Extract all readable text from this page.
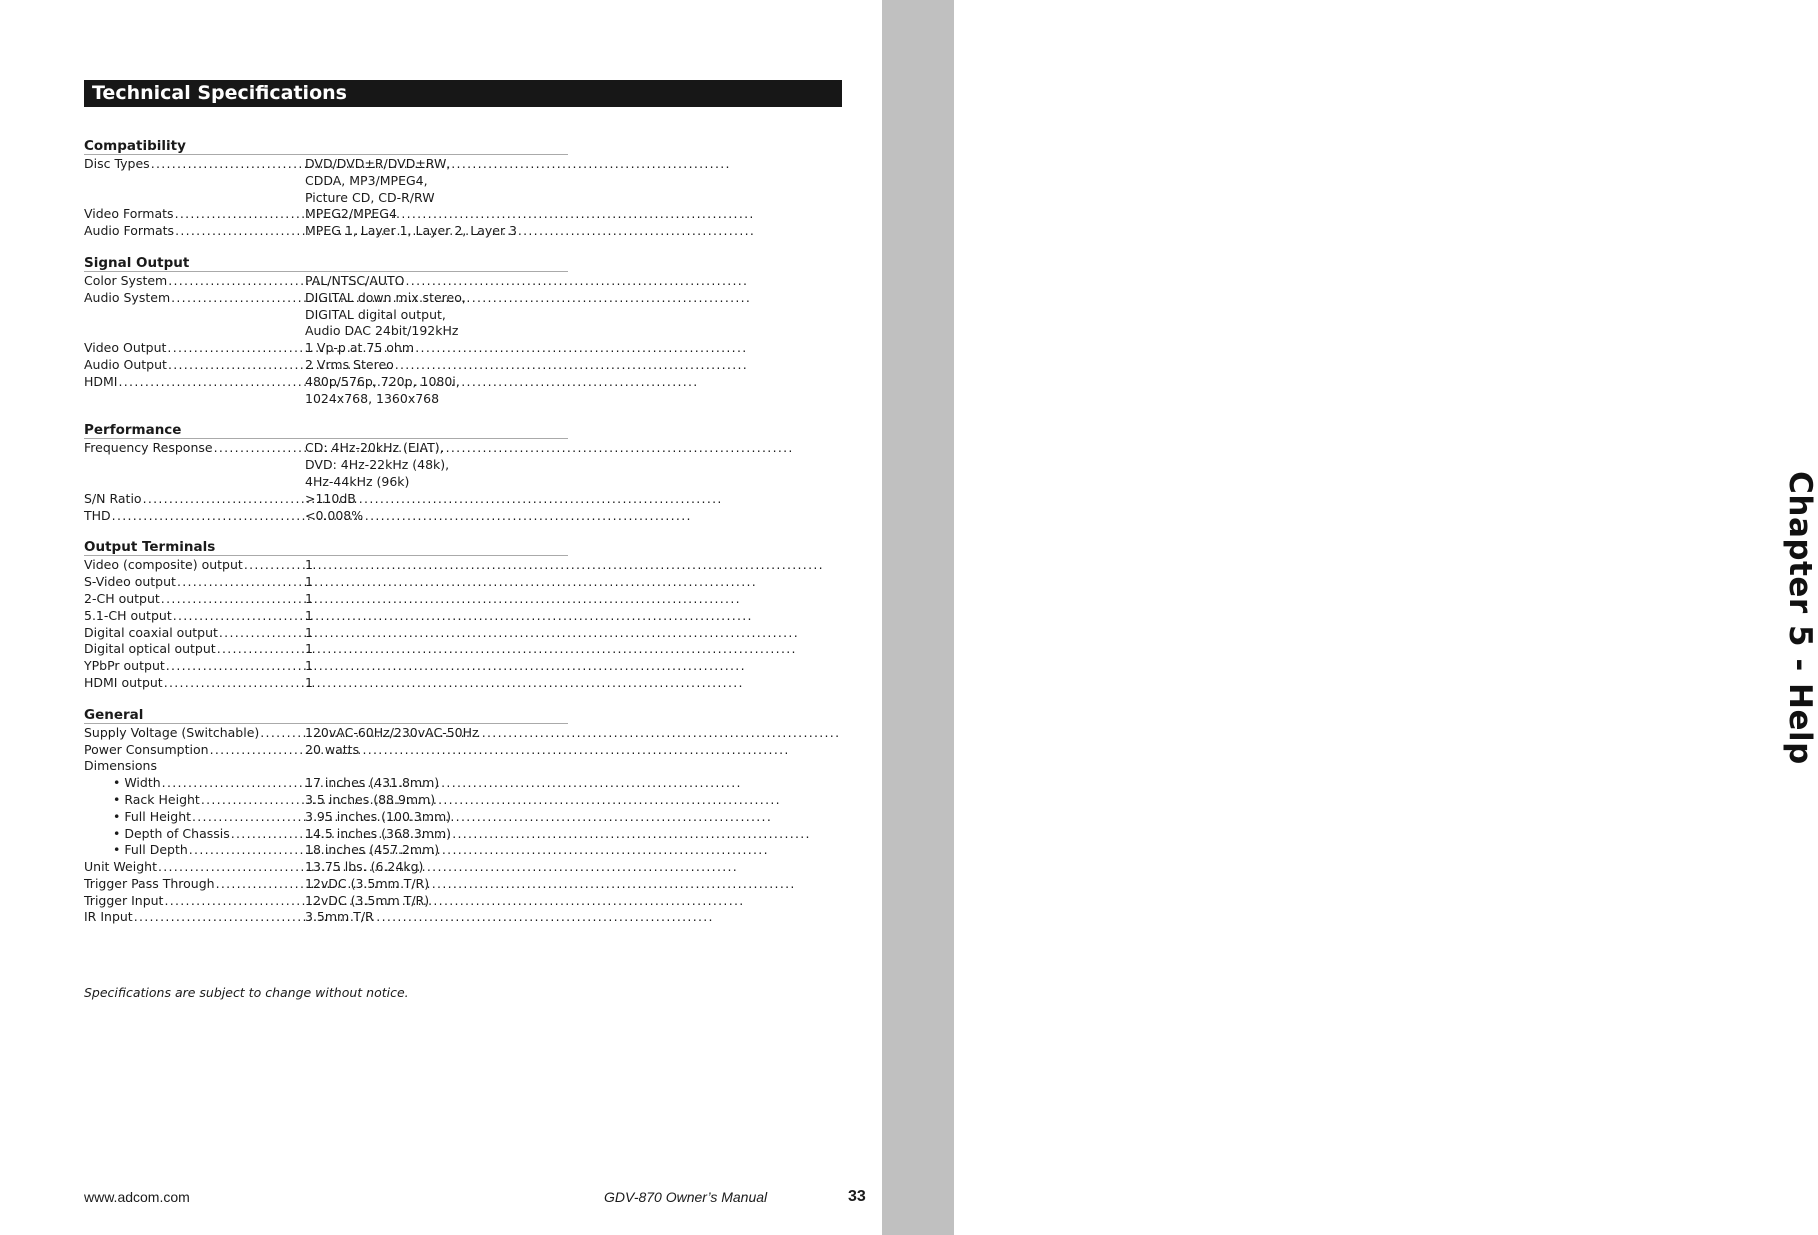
Chapter 5 - Help
Technical Specifications
Compatibility
Disc Types .....	DVD/DVD±R/DVD±RW,
CDDA, MP3/MPEG4,
Picture CD, CD-R/RW
Video Formats .....	MPEG2/MPEG4
Audio Formats .....	MPEG 1, Layer 1, Layer 2, Layer 3
Signal Output
Color System .....	PAL/NTSC/AUTO
Audio System .....	DIGITAL down mix stereo,
DIGITAL digital output,
Audio DAC 24bit/192kHz
Video Output .....	1 Vp-p at 75 ohm
Audio Output .....	2 Vrms Stereo
HDMI .....	480p/576p, 720p, 1080i,
1024x768, 1360x768
Performance
Frequency Response .....	CD: 4Hz-20kHz (EIAT),
DVD: 4Hz-22kHz (48k),
4Hz-44kHz (96k)
S/N Ratio .....	>110dB
THD .....	<0.008%
Output Terminals
Video (composite) output .....	1
S-Video output .....	1
2-CH output .....	1
5.1-CH output .....	1
Digital coaxial output .....	1
Digital optical output .....	1
YPbPr output .....	1
HDMI output .....	1
General
Supply Voltage (Switchable) .....	120vAC-60Hz/230vAC-50Hz
Power Consumption .....	20 watts
Dimensions
• Width .....	17 inches (431.8mm)
• Rack Height .....	3.5 inches (88.9mm)
• Full Height .....	3.95 inches (100.3mm)
• Depth of Chassis .....	14.5 inches (368.3mm)
• Full Depth .....	18 inches (457.2mm)
Unit Weight .....	13.75 lbs. (6.24kg)
Trigger Pass Through .....	12vDC (3.5mm T/R)
Trigger Input .....	12vDC (3.5mm T/R)
IR Input .....	3.5mm T/R
Specifications are subject to change without notice.
www.adcom.com	GDV-870 Owner’s Manual	33
